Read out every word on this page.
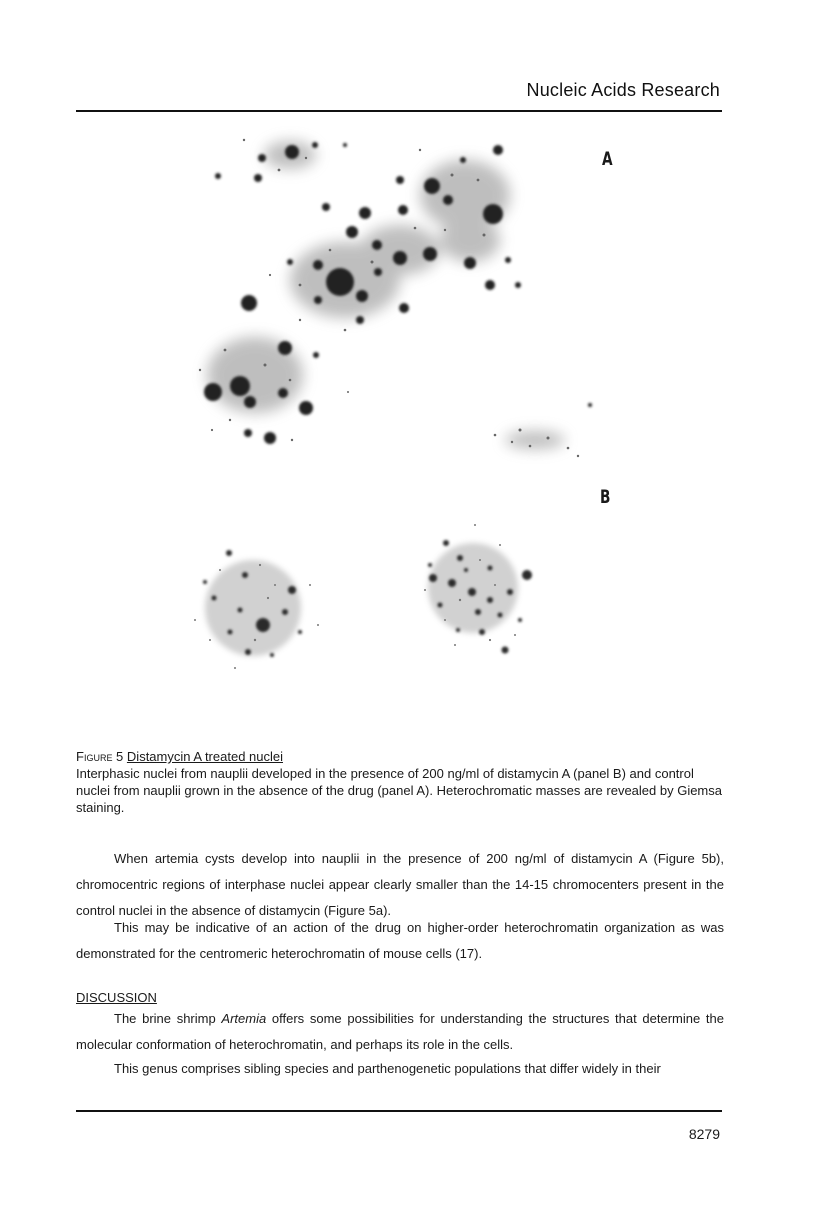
Nucleic Acids Research
A
B
Figure 5 Distamycin A treated nuclei
Interphasic nuclei from nauplii developed in the presence of 200 ng/ml of distamycin A (panel B) and control nuclei from nauplii grown in the absence of the drug (panel A). Heterochromatic masses are revealed by Giemsa staining.

When artemia cysts develop into nauplii in the presence of 200 ng/ml of distamycin A (Figure 5b), chromocentric regions of interphase nuclei appear clearly smaller than the 14-15 chromocenters present in the control nuclei in the absence of distamycin (Figure 5a).

This may be indicative of an action of the drug on higher-order heterochromatin organization as was demonstrated for the centromeric heterochromatin of mouse cells (17).

DISCUSSION

The brine shrimp Artemia offers some possibilities for understanding the structures that determine the molecular conformation of heterochromatin, and perhaps its role in the cells.

This genus comprises sibling species and parthenogenetic populations that differ widely in their

8279
